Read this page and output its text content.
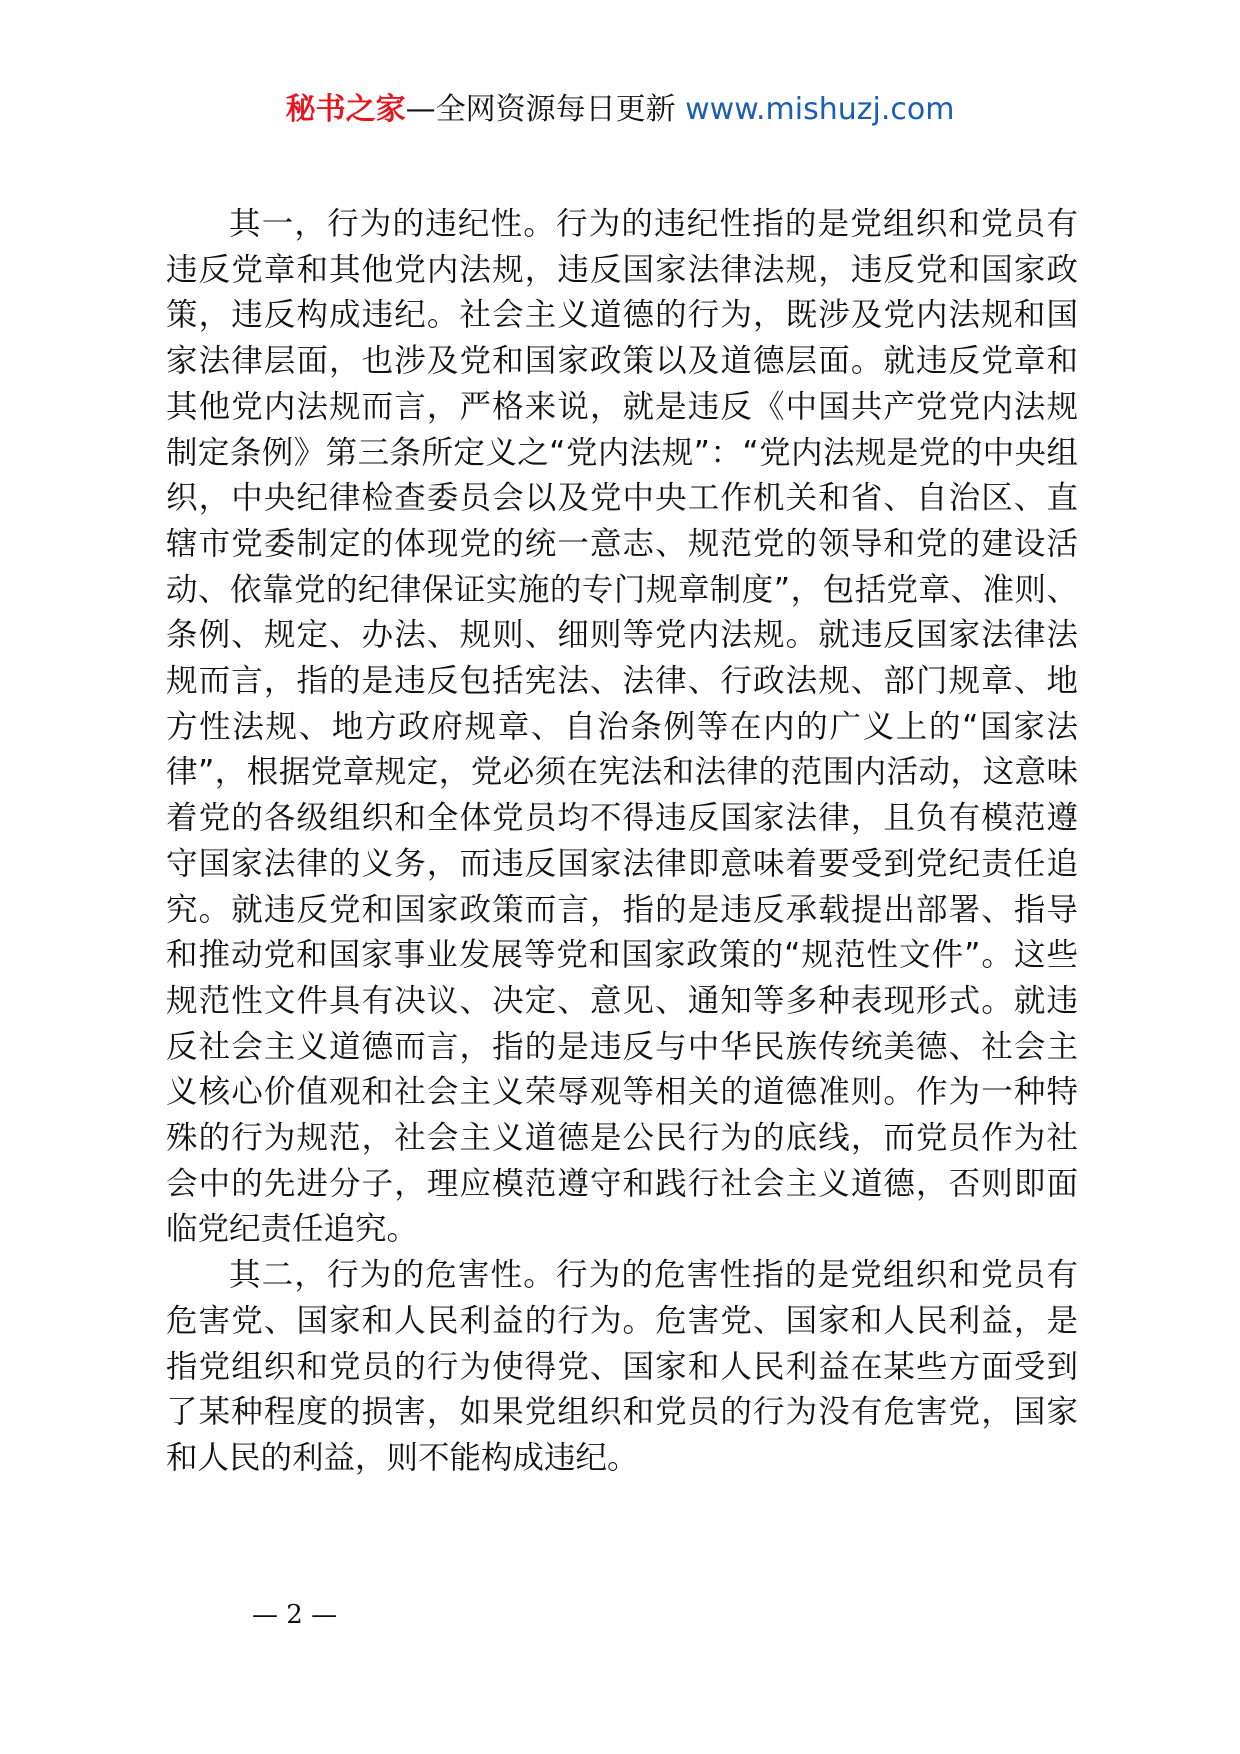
秘书之家—全网资源每日更新 www.mishuzj.com

其一，行为的违纪性。行为的违纪性指的是党组织和党员有违反党章和其他党内法规，违反国家法律法规，违反党和国家政策，违反构成违纪。社会主义道德的行为，既涉及党内法规和国家法律层面，也涉及党和国家政策以及道德层面。就违反党章和其他党内法规而言，严格来说，就是违反《中国共产党党内法规制定条例》第三条所定义之“党内法规”：“党内法规是党的中央组织，中央纪律检查委员会以及党中央工作机关和省、自治区、直辖市党委制定的体现党的统一意志、规范党的领导和党的建设活动、依靠党的纪律保证实施的专门规章制度”，包括党章、准则、条例、规定、办法、规则、细则等党内法规。就违反国家法律法规而言，指的是违反包括宪法、法律、行政法规、部门规章、地方性法规、地方政府规章、自治条例等在内的广义上的“国家法律”，根据党章规定，党必须在宪法和法律的范围内活动，这意味着党的各级组织和全体党员均不得违反国家法律，且负有模范遵守国家法律的义务，而违反国家法律即意味着要受到党纪责任追究。就违反党和国家政策而言，指的是违反承载提出部署、指导和推动党和国家事业发展等党和国家政策的“规范性文件”。这些规范性文件具有决议、决定、意见、通知等多种表现形式。就违反社会主义道德而言，指的是违反与中华民族传统美德、社会主义核心价值观和社会主义荣辱观等相关的道德准则。作为一种特殊的行为规范，社会主义道德是公民行为的底线，而党员作为社会中的先进分子，理应模范遵守和践行社会主义道德，否则即面临党纪责任追究。

其二，行为的危害性。行为的危害性指的是党组织和党员有危害党、国家和人民利益的行为。危害党、国家和人民利益，是指党组织和党员的行为使得党、国家和人民利益在某些方面受到了某种程度的损害，如果党组织和党员的行为没有危害党，国家和人民的利益，则不能构成违纪。

— 2 —
